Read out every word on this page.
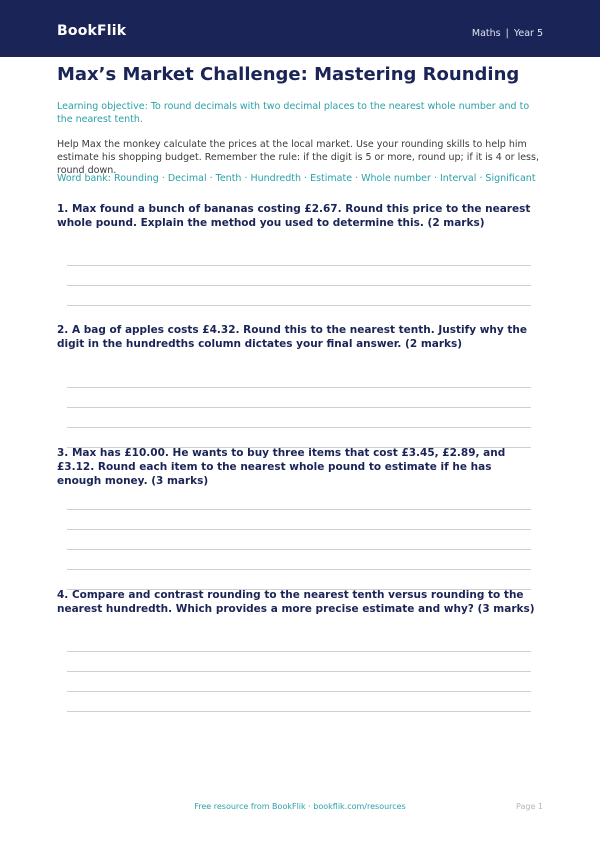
BookFlik	Maths | Year 5
Max’s Market Challenge: Mastering Rounding

Learning objective: To round decimals with two decimal places to the nearest whole number and to the nearest tenth.

Help Max the monkey calculate the prices at the local market. Use your rounding skills to help him estimate his shopping budget. Remember the rule: if the digit is 5 or more, round up; if it is 4 or less, round down.

Word bank: Rounding · Decimal · Tenth · Hundredth · Estimate · Whole number · Interval · Significant

1. Max found a bunch of bananas costing £2.67. Round this price to the nearest whole pound. Explain the method you used to determine this. (2 marks)

2. A bag of apples costs £4.32. Round this to the nearest tenth. Justify why the digit in the hundredths column dictates your final answer. (2 marks)

3. Max has £10.00. He wants to buy three items that cost £3.45, £2.89, and £3.12. Round each item to the nearest whole pound to estimate if he has enough money. (3 marks)

4. Compare and contrast rounding to the nearest tenth versus rounding to the nearest hundredth. Which provides a more precise estimate and why? (3 marks)

Free resource from BookFlik · bookflik.com/resources	Page 1
